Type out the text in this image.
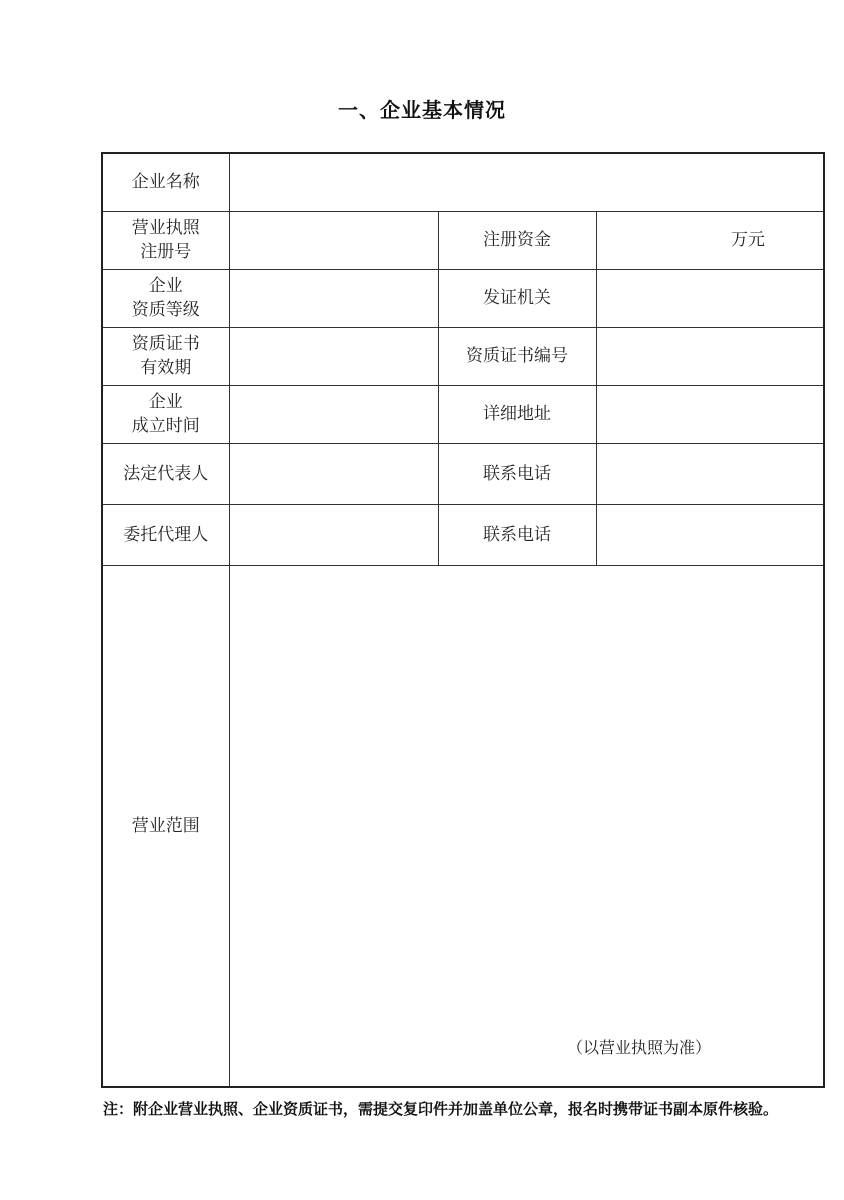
一、企业基本情况
企业名称			

营业执照
注册号		注册资金	万元

企业
资质等级		发证机关	

资质证书
有效期		资质证书编号	

企业
成立时间		详细地址	
法定代表人		联系电话	
委托代理人		联系电话	
营业范围	（以营业执照为准）		
注：附企业营业执照、企业资质证书，需提交复印件并加盖单位公章，报名时携带证书副本原件核验。
